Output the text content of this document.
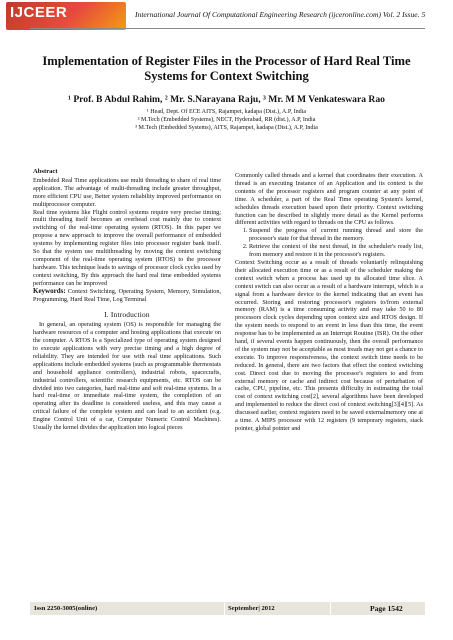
IJCEER	International Journal Of Computational Engineering Research (ijceronline.com) Vol. 2 Issue. 5
Implementation of Register Files in the Processor of Hard Real Time Systems for Context Switching
¹ Prof. B Abdul Rahim, ² Mr. S.Narayana Raju, ³ Mr. M M Venkateswara Rao
¹ Head, Dept. Of ECE AITS, Rajampet, kadapa (Dist.), A.P, India
² M.Tech (Embedded Systems), NECT, Hyderabad, RR (dist.), A.P, India
³ M.Tech (Embedded Systems), AITS, Rajampet, kadapa (Dist.), A.P, India
Abstract

Embedded Real Time applications use multi threading to share of real time application. The advantage of multi-threading include greater throughput, more efficient CPU use, Better system reliability improved performance on multiprocessor computer.

Real time systems like Flight control systems require very precise timing; multi threading itself becomes an overhead cost mainly due to context switching of the real-time operating system (RTOS). In this paper we propose a new approach to improve the overall performance of embedded systems by implementing register files into processor register bank itself. So that the system use multithreading by moving the context switching component of the real-time operating system (RTOS) to the processor hardware. This technique leads to savings of processor clock cycles used by context switching, By this approach the hard real time embedded systems performance can be improved

Keywords: Context Switching, Operating System, Memory, Simulation, Programming, Hard Real Time, Log Terminal

I. Introduction

In general, an operating system (OS) is responsible for managing the hardware resources of a computer and hosting applications that execute on the computer. A RTOS Is a Specialized type of operating system designed to execute applications with very precise timing and a high degree of reliability. They are intended for use with real time applications. Such applications include embedded systems (such as programmable thermostats and household appliance controllers), industrial robots, spacecrafts, industrial controllers, scientific research equipments, etc. RTOS can be divided into two categories, hard real-time and soft real-time systems. In a hard real-time or immediate real-time system, the completion of an operating after its deadline is considered useless, and this may cause a critical failure of the complete system and can lead to an accident (e.g. Engine Control Unit of a car, Computer Numeric Control Machines). Usually the kernel divides the application into logical pieces

Commonly called threads and a kernel that coordinates their execution. A thread is an executing Instance of an Application and its context is the contents of the processor registers and program counter at any point of time. A scheduler, a part of the Real Time operating System's kernel, schedules threads execution based upon their priority. Context switching function can be described in slightly more detail as the Kernel performs different activities with regard to threads on the CPU as follows.

1. Suspend the progress of current running thread and store the processor's state for that thread in the memory.
2. Retrieve the context of the next thread, in the scheduler's ready list, from memory and restore it in the processor's registers.

Context Switching occur as a result of threads voluntarily relinquishing their allocated execution time or as a result of the scheduler making the context switch when a process has used up its allocated time slice. A context switch can also occur as a result of a hardware interrupt, which is a signal from a hardware device to the kernel indicating that an event has occurred. Storing and restoring processor's registers to/from external memory (RAM) is a time consuming activity and may take 50 to 80 processors clock cycles depending upon context size and RTOS design. If the system needs to respond to an event in less than this time, the event response has to be implemented as an Interrupt Routine (ISR). On the other hand, if several events happen continuously, then the overall performance of the system may not be acceptable as most treads may not get a chance to execute. To improve responsiveness, the context switch time needs to be reduced. In general, there are two factors that effect the context switching cost. Direct cost due to moving the processor's registers to and from external memory or cache and indirect cost because of perturbation of cache, CPU, pipeline, etc. This presents difficulty in estimating the total cost of context switching cost[2], several algorithms have been developed and implemented to reduce the direct cost of context switching[3][4][5]. As discussed earlier, context registers need to be saved externalmemory one at a time. A MIPS processor with 12 registers (9 temporary registers, stack pointer, global pointer and

Issn 2250-3005(online)	September| 2012	Page 1542
